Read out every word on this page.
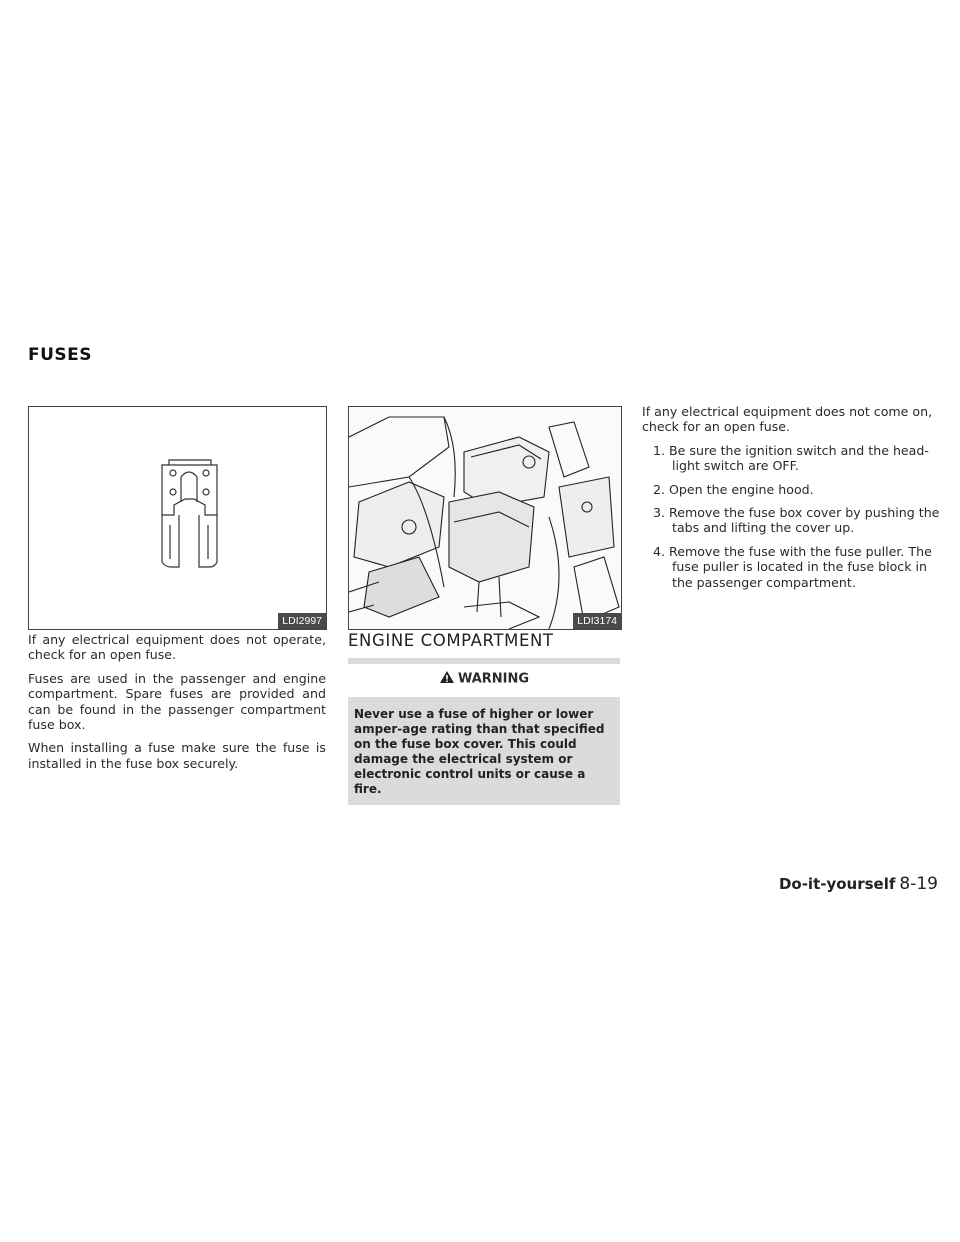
FUSES
LDI2997	LDI3174

If any electrical equipment does not operate, check for an open fuse.

Fuses are used in the passenger and engine compartment. Spare fuses are provided and can be found in the passenger compartment fuse box.

When installing a fuse make sure the fuse is installed in the fuse box securely.

ENGINE COMPARTMENT
WARNING
Never use a fuse of higher or lower amper-age rating than that specified on the fuse box cover. This could damage the electrical system or electronic control units or cause a fire.

If any electrical equipment does not come on, check for an open fuse.

1. Be sure the ignition switch and the head-light switch are OFF.
2. Open the engine hood.
3. Remove the fuse box cover by pushing the tabs and lifting the cover up.
4. Remove the fuse with the fuse puller. The fuse puller is located in the fuse block in the passenger compartment.
Do-it-yourself 8-19
